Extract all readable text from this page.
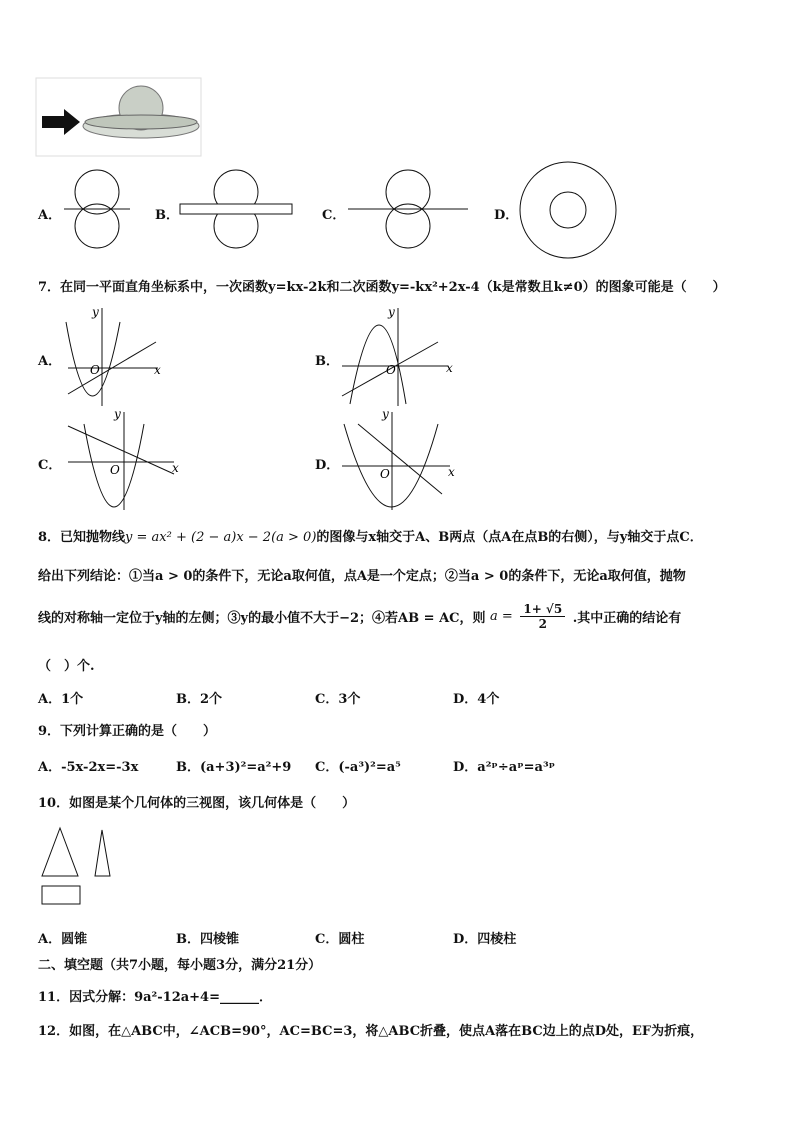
A．	B．	C．	D．
7．在同一平面直角坐标系中，一次函数y=kx-2k和二次函数y=-kx²+2x-4（k是常数且k≠0）的图象可能是（　　）
A．
x
y
O
B．	x
y
O
C．	x
y
O	D．	x
y
O
8．已知抛物线y = ax² + (2 − a)x − 2(a > 0)的图像与x轴交于A、B两点（点A在点B的右侧），与y轴交于点C．
给出下列结论：①当a > 0的条件下，无论a取何值，点A是一个定点；②当a > 0的条件下，无论a取何值，抛物
线的对称轴一定位于y轴的左侧；③y的最小值不大于−2；④若AB = AC，则 $a = \frac{1+ √5}{2}$ .其中正确的结论有
（　）个.
A．1个	B．2个	C．3个	D．4个
9．下列计算正确的是（　　）
A．-5x-2x=-3x	B．(a+3)²=a²+9 C．(-a³)²=a⁵	D．a²ᵖ÷aᵖ=a³ᵖ
10．如图是某个几何体的三视图，该几何体是（　　）
A．圆锥	B．四棱锥	C．圆柱	D．四棱柱
二、填空题（共7小题，每小题3分，满分21分）
11．因式分解：9a²-12a+4=______．
12．如图，在△ABC中，∠ACB=90°，AC=BC=3，将△ABC折叠，使点A落在BC边上的点D处，EF为折痕，
